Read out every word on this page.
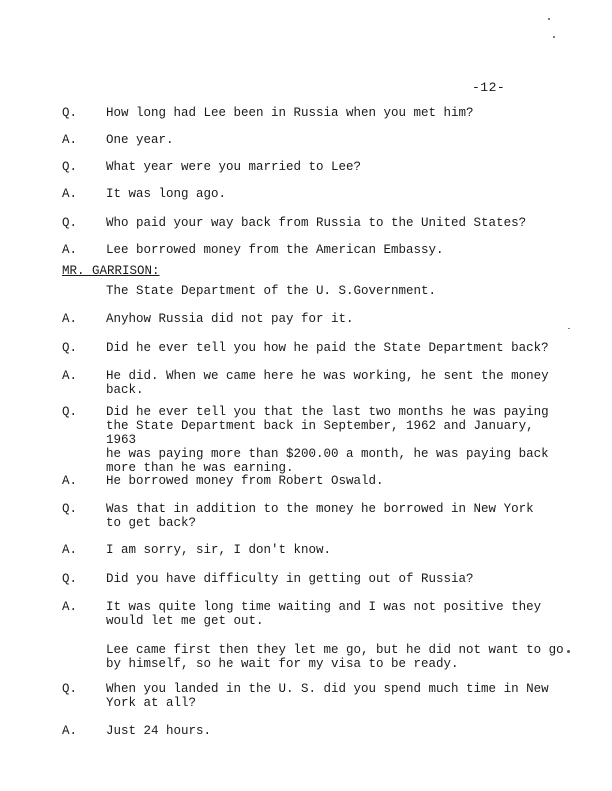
-12-
Q. How long had Lee been in Russia when you met him?
A. One year.
Q. What year were you married to Lee?
A. It was long ago.
Q. Who paid your way back from Russia to the United States?
A. Lee borrowed money from the American Embassy.
MR. GARRISON:
The State Department of the U. S.Government.
A. Anyhow Russia did not pay for it.
Q. Did he ever tell you how he paid the State Department back?
A. He did. When we came here he was working, he sent the money
back.
Q. Did he ever tell you that the last two months he was paying
the State Department back in September, 1962 and January, 1963
he was paying more than $200.00 a month, he was paying back
more than he was earning.
A. He borrowed money from Robert Oswald.
Q. Was that in addition to the money he borrowed in New York
to get back?
A. I am sorry, sir, I don't know.
Q. Did you have difficulty in getting out of Russia?
A. It was quite long time waiting and I was not positive they
would let me get out.
Lee came first then they let me go, but he did not want to go
by himself, so he wait for my visa to be ready.
Q. When you landed in the U. S. did you spend much time in New
York at all?
A. Just 24 hours.
